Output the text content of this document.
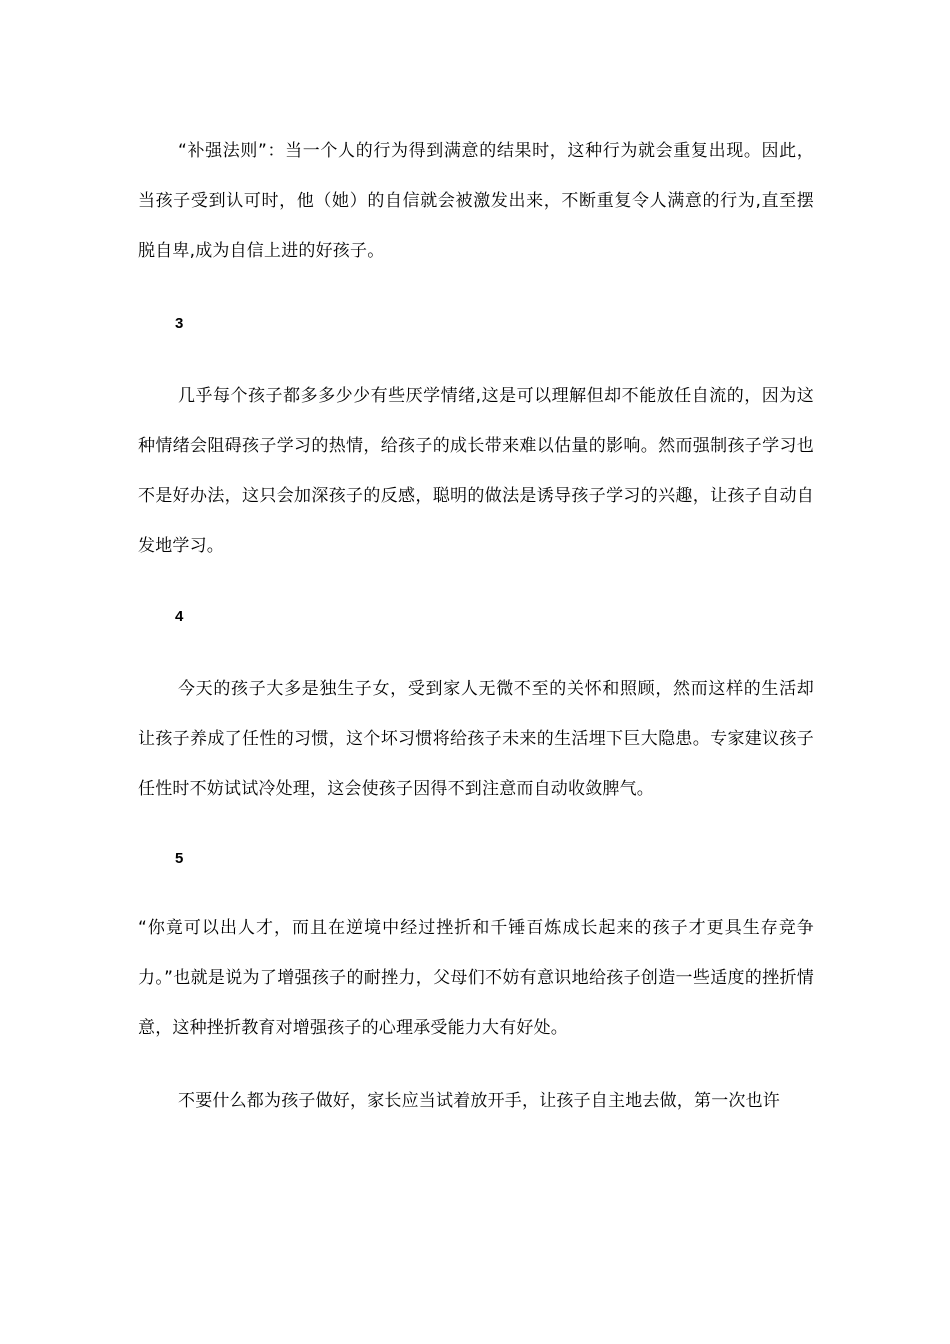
“补强法则”：当一个人的行为得到满意的结果时，这种行为就会重复出现。因此，当孩子受到认可时，他（她）的自信就会被激发出来，不断重复令人满意的行为,直至摆脱自卑,成为自信上进的好孩子。

3

几乎每个孩子都多多少少有些厌学情绪,这是可以理解但却不能放任自流的，因为这种情绪会阻碍孩子学习的热情，给孩子的成长带来难以估量的影响。然而强制孩子学习也不是好办法，这只会加深孩子的反感，聪明的做法是诱导孩子学习的兴趣，让孩子自动自发地学习。

4

今天的孩子大多是独生子女，受到家人无微不至的关怀和照顾，然而这样的生活却让孩子养成了任性的习惯，这个坏习惯将给孩子未来的生活埋下巨大隐患。专家建议孩子任性时不妨试试冷处理，这会使孩子因得不到注意而自动收敛脾气。

5

“你竟可以出人才，而且在逆境中经过挫折和千锤百炼成长起来的孩子才更具生存竞争力。”也就是说为了增强孩子的耐挫力，父母们不妨有意识地给孩子创造一些适度的挫折情意，这种挫折教育对增强孩子的心理承受能力大有好处。

不要什么都为孩子做好，家长应当试着放开手，让孩子自主地去做，第一次也许
